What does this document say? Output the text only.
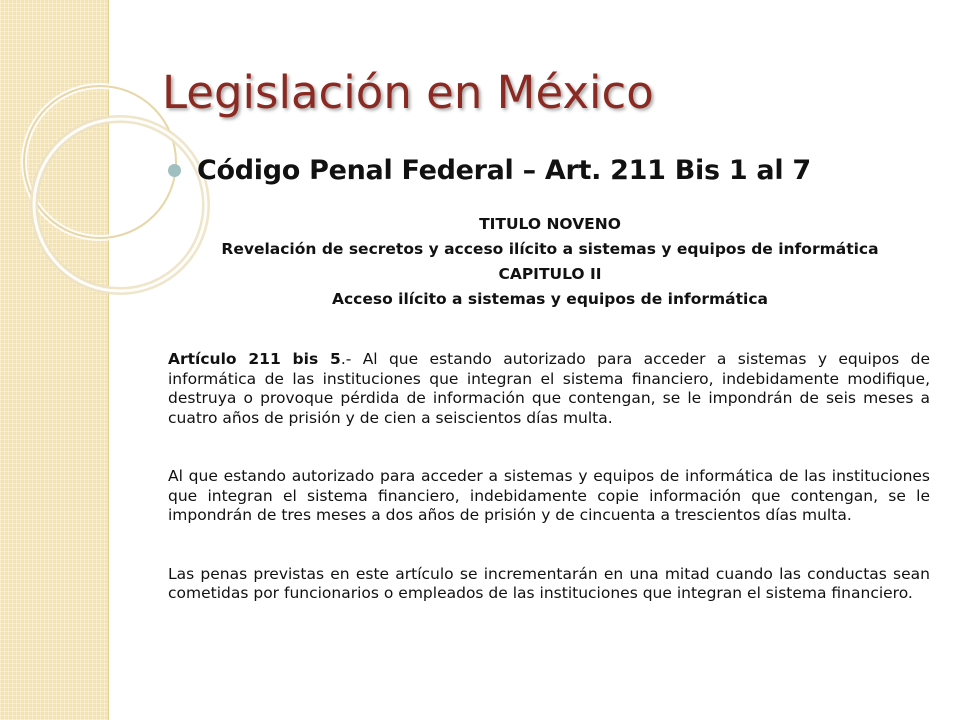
Legislación en México
Código Penal Federal – Art. 211 Bis 1 al 7
TITULO NOVENO
Revelación de secretos y acceso ilícito a sistemas y equipos de informática
CAPITULO II
Acceso ilícito a sistemas y equipos de informática

Artículo 211 bis 5.- Al que estando autorizado para acceder a sistemas y equipos de informática de las instituciones que integran el sistema financiero, indebidamente modifique, destruya o provoque pérdida de información que contengan, se le impondrán de seis meses a cuatro años de prisión y de cien a seiscientos días multa.

Al que estando autorizado para acceder a sistemas y equipos de informática de las instituciones que integran el sistema financiero, indebidamente copie información que contengan, se le impondrán de tres meses a dos años de prisión y de cincuenta a trescientos días multa.

Las penas previstas en este artículo se incrementarán en una mitad cuando las conductas sean cometidas por funcionarios o empleados de las instituciones que integran el sistema financiero.
